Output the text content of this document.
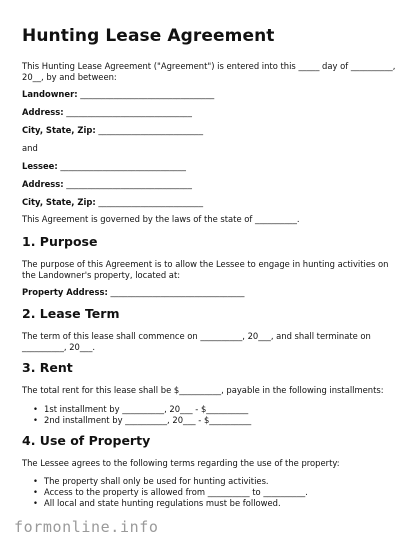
Hunting Lease Agreement
This Hunting Lease Agreement ("Agreement") is entered into this _____ day of __________, 20__, by and between:
Landowner: ________________________________
Address: ______________________________
City, State, Zip: _________________________
and
Lessee: ______________________________
Address: ______________________________
City, State, Zip: _________________________
This Agreement is governed by the laws of the state of __________.
1. Purpose
The purpose of this Agreement is to allow the Lessee to engage in hunting activities on the Landowner's property, located at:
Property Address: ________________________________
2. Lease Term
The term of this lease shall commence on __________, 20___, and shall terminate on __________, 20___.
3. Rent
The total rent for this lease shall be $__________, payable in the following installments:
• 1st installment by __________, 20___ - $__________
• 2nd installment by __________, 20___ - $__________
4. Use of Property
The Lessee agrees to the following terms regarding the use of the property:
• The property shall only be used for hunting activities.
• Access to the property is allowed from __________ to __________.
• All local and state hunting regulations must be followed.
formonline.info
